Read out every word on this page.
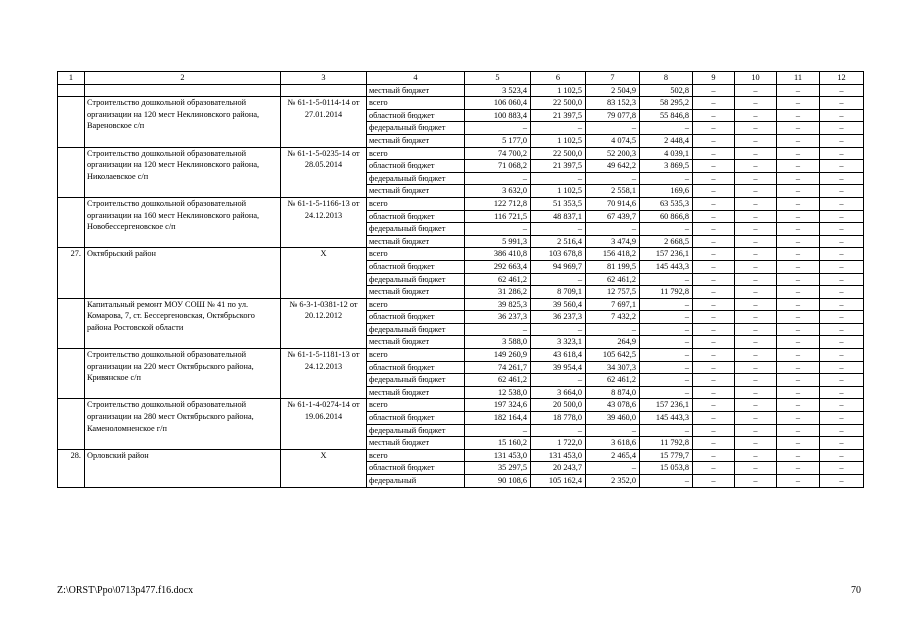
1	2	3	4	5	6	7	8	9	10	11	12
			местный бюджет	3 523,4	1 102,5	2 504,9	502,8	–	–	–	–
	Строительство дошкольной образовательной организации на 120 мест Неклиновского района, Вареновское с/п	№ 61-1-5-0114-14 от 27.01.2014	всего	106 060,4	22 500,0	83 152,3	58 295,2	–	–	–	–
			областной бюджет	100 883,4	21 397,5	79 077,8	55 846,8	–	–	–	–
			федеральный бюджет	–	–	–	–	–	–	–	–
			местный бюджет	5 177,0	1 102,5	4 074,5	2 448,4	–	–	–	–
	Строительство дошкольной образовательной организации на 120 мест Неклиновского района, Николаевское с/п	№ 61-1-5-0235-14 от 28.05.2014	всего	74 700,2	22 500,0	52 200,3	4 039,1	–	–	–	–
			областной бюджет	71 068,2	21 397,5	49 642,2	3 869,5	–	–	–	–
			федеральный бюджет	–	–	–	–	–	–	–	–
			местный бюджет	3 632,0	1 102,5	2 558,1	169,6	–	–	–	–
	Строительство дошкольной образовательной организации на 160 мест Неклиновского района, Новобессергеновское с/п	№ 61-1-5-1166-13 от 24.12.2013	всего	122 712,8	51 353,5	70 914,6	63 535,3	–	–	–	–
			областной бюджет	116 721,5	48 837,1	67 439,7	60 866,8	–	–	–	–
			федеральный бюджет	–	–	–	–	–	–	–	–
			местный бюджет	5 991,3	2 516,4	3 474,9	2 668,5	–	–	–	–
27.	Октябрьский район	Х	всего	386 410,8	103 678,8	156 418,2	157 236,1	–	–	–	–
			областной бюджет	292 663,4	94 969,7	81 199,5	145 443,3	–	–	–	–
			федеральный бюджет	62 461,2	–	62 461,2	–	–	–	–	–
			местный бюджет	31 286,2	8 709,1	12 757,5	11 792,8	–	–	–	–
	Капитальный ремонт МОУ СОШ № 41 по ул. Комарова, 7, ст. Бессергеновская, Октябрьского района Ростовской области	№ 6-3-1-0381-12 от 20.12.2012	всего	39 825,3	39 560,4	7 697,1	–	–	–	–	–
			областной бюджет	36 237,3	36 237,3	7 432,2	–	–	–	–	–
			федеральный бюджет	–	–	–	–	–	–	–	–
			местный бюджет	3 588,0	3 323,1	264,9	–	–	–	–	–
	Строительство дошкольной образовательной организации на 220 мест Октябрьского района, Кривянское с/п	№ 61-1-5-1181-13 от 24.12.2013	всего	149 260,9	43 618,4	105 642,5	–	–	–	–	–
			областной бюджет	74 261,7	39 954,4	34 307,3	–	–	–	–	–
			федеральный бюджет	62 461,2	–	62 461,2	–	–	–	–	–
			местный бюджет	12 538,0	3 664,0	8 874,0	–	–	–	–	–
	Строительство дошкольной образовательной организации на 280 мест Октябрьского района, Каменоломненское г/п	№ 61-1-4-0274-14 от 19.06.2014	всего	197 324,6	20 500,0	43 078,6	157 236,1	–	–	–	–
			областной бюджет	182 164,4	18 778,0	39 460,0	145 443,3	–	–	–	–
			федеральный бюджет	–	–	–	–	–	–	–	–
			местный бюджет	15 160,2	1 722,0	3 618,6	11 792,8	–	–	–	–
28.	Орловский район	Х	всего	131 453,0	131 453,0	2 465,4	15 779,7	–	–	–	–
			областной бюджет	35 297,5	20 243,7	–	15 053,8	–	–	–	–
			федеральный	90 108,6	105 162,4	2 352,0	–	–	–	–	–
Z:\ORST\Ppo\0713p477.f16.docx	70
